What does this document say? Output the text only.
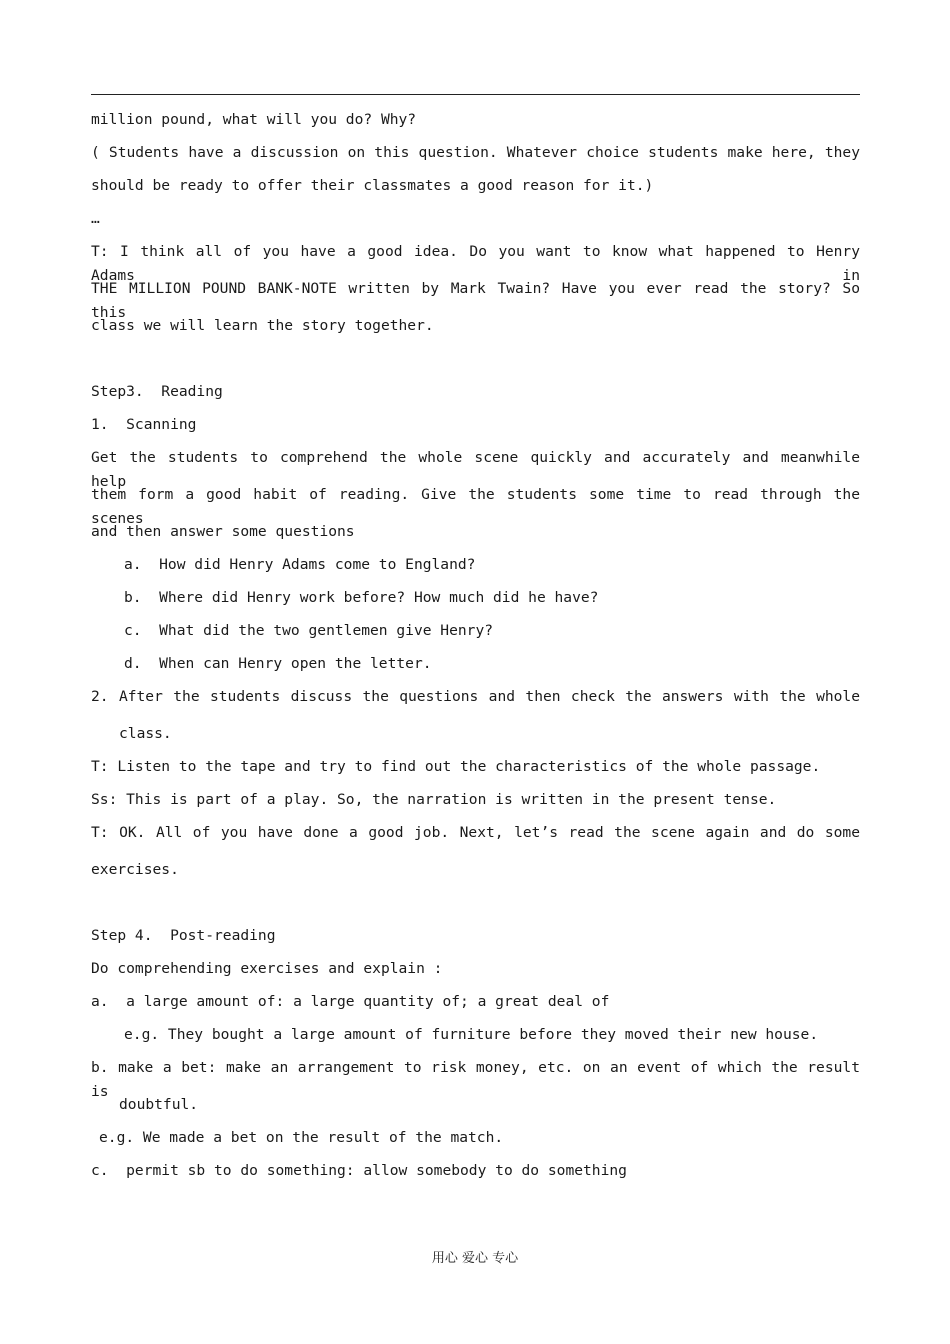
million pound, what will you do? Why?
( Students have a discussion on this question. Whatever choice students make here, they
should be ready to offer their classmates a good reason for it.)
…
T: I think all of you have a good idea. Do you want to know what happened to Henry Adams in
THE MILLION POUND BANK-NOTE written by Mark Twain? Have you ever read the story? So this
class we will learn the story together.
Step3.  Reading
1.  Scanning
Get the students to comprehend the whole scene quickly and accurately and meanwhile help
them form a good habit of reading. Give the students some time to read through the scenes
and then answer some questions
a.  How did Henry Adams come to England?
b.  Where did Henry work before? How much did he have?
c.  What did the two gentlemen give Henry?
d.  When can Henry open the letter.
2. After the students discuss the questions and then check the answers with the whole
class.
T: Listen to the tape and try to find out the characteristics of the whole passage.
Ss: This is part of a play. So, the narration is written in the present tense.
T: OK. All of you have done a good job. Next, let’s read the scene again and do some
exercises.
Step 4.  Post-reading
Do comprehending exercises and explain :
a.  a large amount of: a large quantity of; a great deal of
e.g. They bought a large amount of furniture before they moved their new house.
b. make a bet: make an arrangement to risk money, etc. on an event of which the result is
doubtful.
e.g. We made a bet on the result of the match.
c.  permit sb to do something: allow somebody to do something
用心 爱心 专心
